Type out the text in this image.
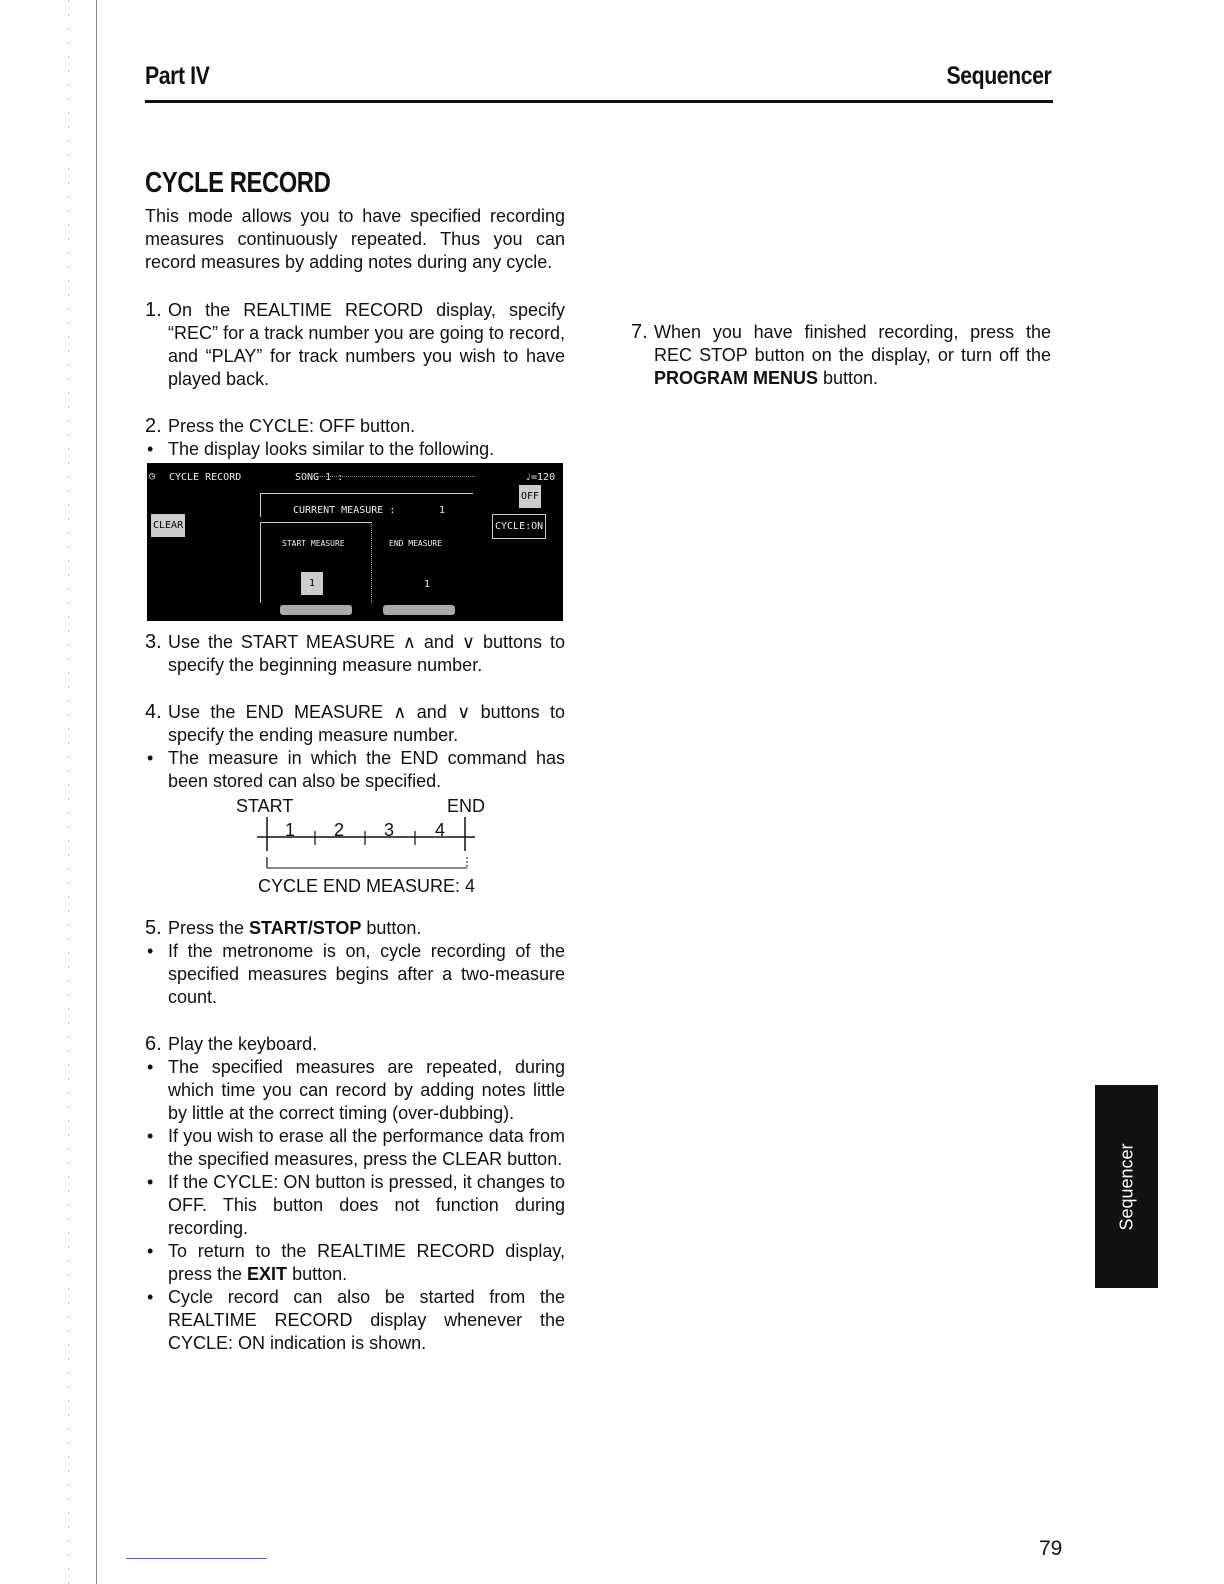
Part IV	Sequencer
CYCLE RECORD

This mode allows you to have specified recording measures continuously repeated. Thus you can record measures by adding notes during any cycle.

1. On the REALTIME RECORD display, specify “REC” for a track number you are going to record, and “PLAY” for track numbers you wish to have played back.
2. Press the CYCLE: OFF button.
• The display looks similar to the following.
◷ CYCLE RECORD	SONG 1 :	♩=120
OFF
CYCLE:ON
CLEAR
CURRENT MEASURE :	1
START MEASURE	END MEASURE
1	1
3. Use the START MEASURE ∧ and ∨ buttons to specify the beginning measure number.
4. Use the END MEASURE ∧ and ∨ buttons to specify the ending measure number.
• The measure in which the END command has been stored can also be specified.
START	END
1 2 3 4
CYCLE END MEASURE: 4
5. Press the START/STOP button.
• If the metronome is on, cycle recording of the specified measures begins after a two-measure count.
6. Play the keyboard.
• The specified measures are repeated, during which time you can record by adding notes little by little at the correct timing (over-dubbing).
• If you wish to erase all the performance data from the specified measures, press the CLEAR button.
• If the CYCLE: ON button is pressed, it changes to OFF. This button does not function during recording.
• To return to the REALTIME RECORD display, press the EXIT button.
• Cycle record can also be started from the REALTIME RECORD display whenever the CYCLE: ON indication is shown.
7. When you have finished recording, press the REC STOP button on the display, or turn off the PROGRAM MENUS button.
Sequencer
79
